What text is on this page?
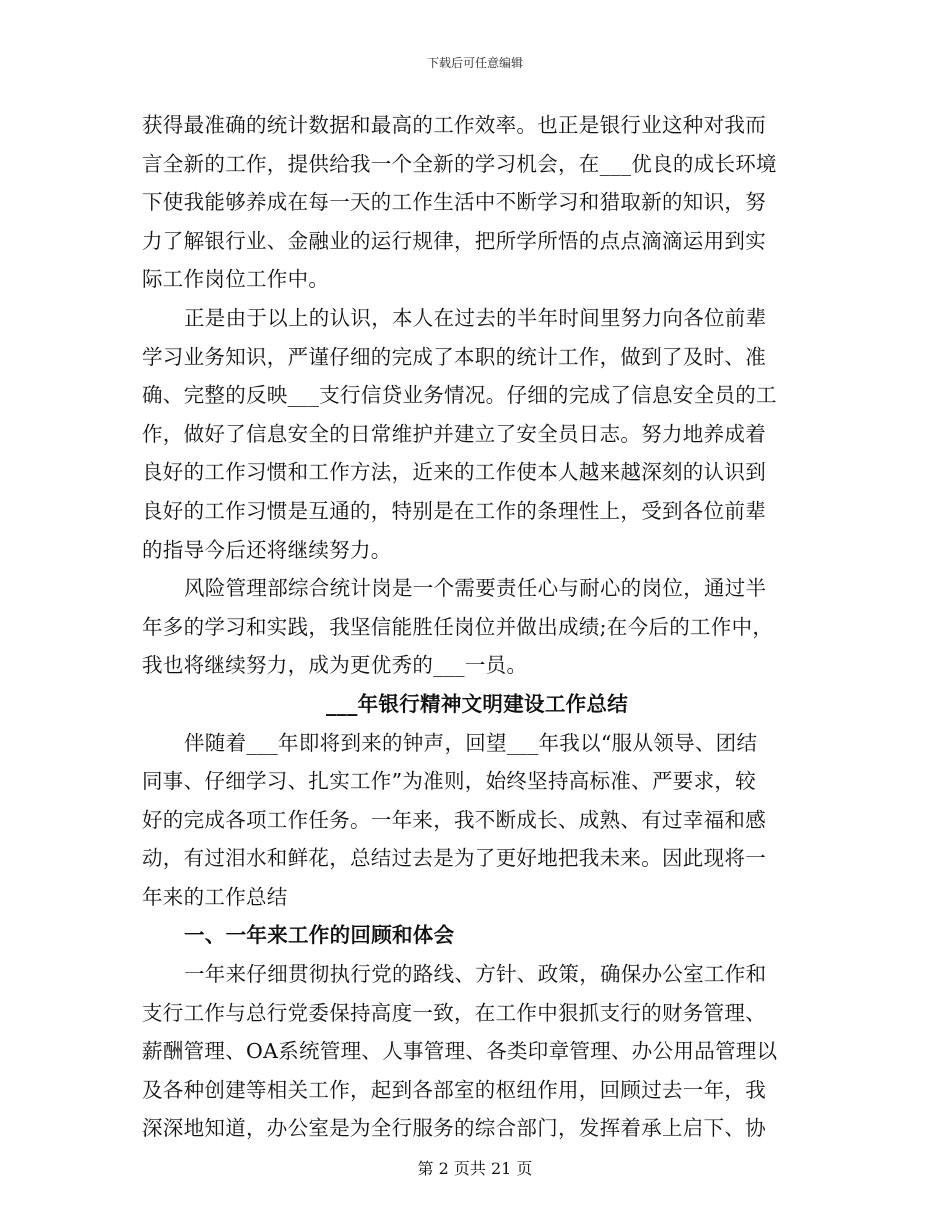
下载后可任意编辑
获得最准确的统计数据和最高的工作效率。也正是银行业这种对我而
言全新的工作，提供给我一个全新的学习机会，在___优良的成长环境
下使我能够养成在每一天的工作生活中不断学习和猎取新的知识，努
力了解银行业、金融业的运行规律，把所学所悟的点点滴滴运用到实
际工作岗位工作中。
正是由于以上的认识，本人在过去的半年时间里努力向各位前辈
学习业务知识，严谨仔细的完成了本职的统计工作，做到了及时、准
确、完整的反映___支行信贷业务情况。仔细的完成了信息安全员的工
作，做好了信息安全的日常维护并建立了安全员日志。努力地养成着
良好的工作习惯和工作方法，近来的工作使本人越来越深刻的认识到
良好的工作习惯是互通的，特别是在工作的条理性上，受到各位前辈
的指导今后还将继续努力。
风险管理部综合统计岗是一个需要责任心与耐心的岗位，通过半
年多的学习和实践，我坚信能胜任岗位并做出成绩;在今后的工作中，
我也将继续努力，成为更优秀的___一员。
___年银行精神文明建设工作总结
伴随着___年即将到来的钟声，回望___年我以“服从领导、团结
同事、仔细学习、扎实工作”为准则，始终坚持高标准、严要求，较
好的完成各项工作任务。一年来，我不断成长、成熟、有过幸福和感
动，有过泪水和鲜花，总结过去是为了更好地把我未来。因此现将一
年来的工作总结
一、一年来工作的回顾和体会
一年来仔细贯彻执行党的路线、方针、政策，确保办公室工作和
支行工作与总行党委保持高度一致，在工作中狠抓支行的财务管理、
薪酬管理、OA系统管理、人事管理、各类印章管理、办公用品管理以
及各种创建等相关工作，起到各部室的枢纽作用，回顾过去一年，我
深深地知道，办公室是为全行服务的综合部门，发挥着承上启下、协
第 2 页共 21 页
